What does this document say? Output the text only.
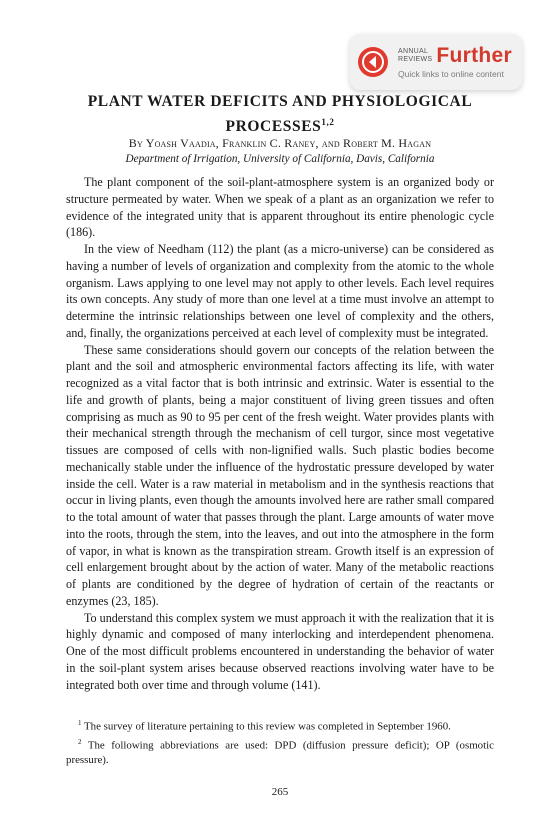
ANNUAL
REVIEWS Further
Quick links to online content
PLANT WATER DEFICITS AND PHYSIOLOGICAL
PROCESSES$^{1,2}$

By Yoash Vaadia, Franklin C. Raney, and Robert M. Hagan

Department of Irrigation, University of California, Davis, California

The plant component of the soil-plant-atmosphere system is an organized body or structure permeated by water. When we speak of a plant as an organization we refer to evidence of the integrated unity that is apparent throughout its entire phenologic cycle (186).

In the view of Needham (112) the plant (as a micro-universe) can be considered as having a number of levels of organization and complexity from the atomic to the whole organism. Laws applying to one level may not apply to other levels. Each level requires its own concepts. Any study of more than one level at a time must involve an attempt to determine the intrinsic relationships between one level of complexity and the others, and, finally, the organizations perceived at each level of complexity must be integrated.

These same considerations should govern our concepts of the relation between the plant and the soil and atmospheric environmental factors affecting its life, with water recognized as a vital factor that is both intrinsic and extrinsic. Water is essential to the life and growth of plants, being a major constituent of living green tissues and often comprising as much as 90 to 95 per cent of the fresh weight. Water provides plants with their mechanical strength through the mechanism of cell turgor, since most vegetative tissues are composed of cells with non-lignified walls. Such plastic bodies become mechanically stable under the influence of the hydrostatic pressure developed by water inside the cell. Water is a raw material in metabolism and in the synthesis reactions that occur in living plants, even though the amounts involved here are rather small compared to the total amount of water that passes through the plant. Large amounts of water move into the roots, through the stem, into the leaves, and out into the atmosphere in the form of vapor, in what is known as the transpiration stream. Growth itself is an expression of cell enlargement brought about by the action of water. Many of the metabolic reactions of plants are conditioned by the degree of hydration of certain of the reactants or enzymes (23, 185).

To understand this complex system we must approach it with the realization that it is highly dynamic and composed of many interlocking and interdependent phenomena. One of the most difficult problems encountered in understanding the behavior of water in the soil-plant system arises because observed reactions involving water have to be integrated both over time and through volume (141).

$^1$ The survey of literature pertaining to this review was completed in September 1960.

$^2$ The following abbreviations are used: DPD (diffusion pressure deficit); OP (osmotic pressure).

265
